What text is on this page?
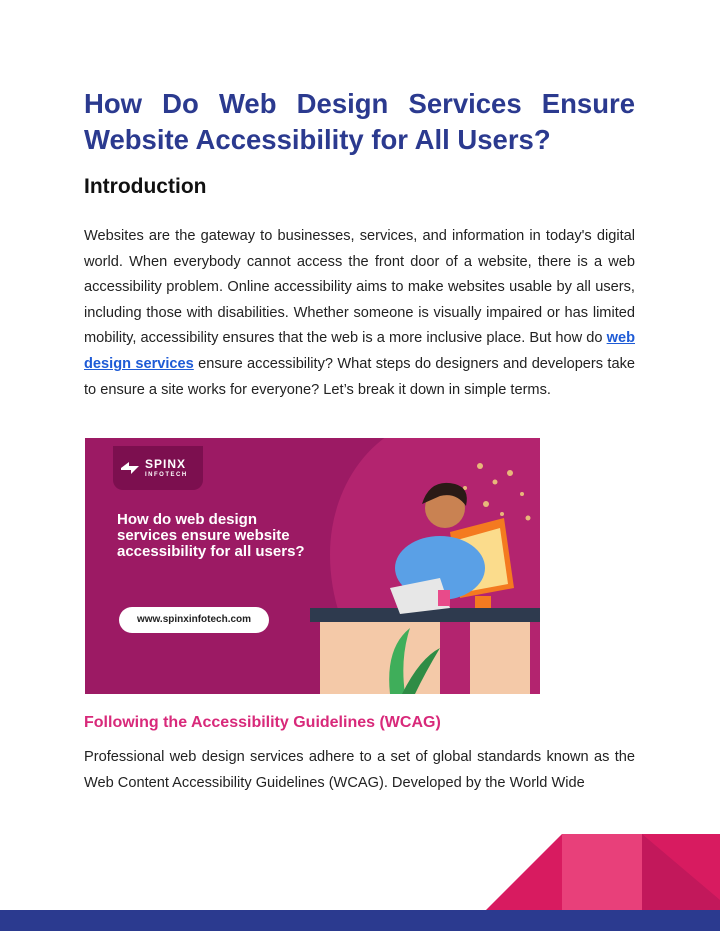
How Do Web Design Services Ensure
Website Accessibility for All Users?
Introduction

Websites are the gateway to businesses, services, and information in today's digital world. When everybody cannot access the front door of a website, there is a web accessibility problem. Online accessibility aims to make websites usable by all users, including those with disabilities. Whether someone is visually impaired or has limited mobility, accessibility ensures that the web is a more inclusive place. But how do web design services ensure accessibility? What steps do designers and developers take to ensure a site works for everyone? Let’s break it down in simple terms.

SPINX
INFOTECH
How do web design services ensure website accessibility for all users?
www.spinxinfotech.com
Following the Accessibility Guidelines (WCAG)

Professional web design services adhere to a set of global standards known as the Web Content Accessibility Guidelines (WCAG). Developed by the World Wide
